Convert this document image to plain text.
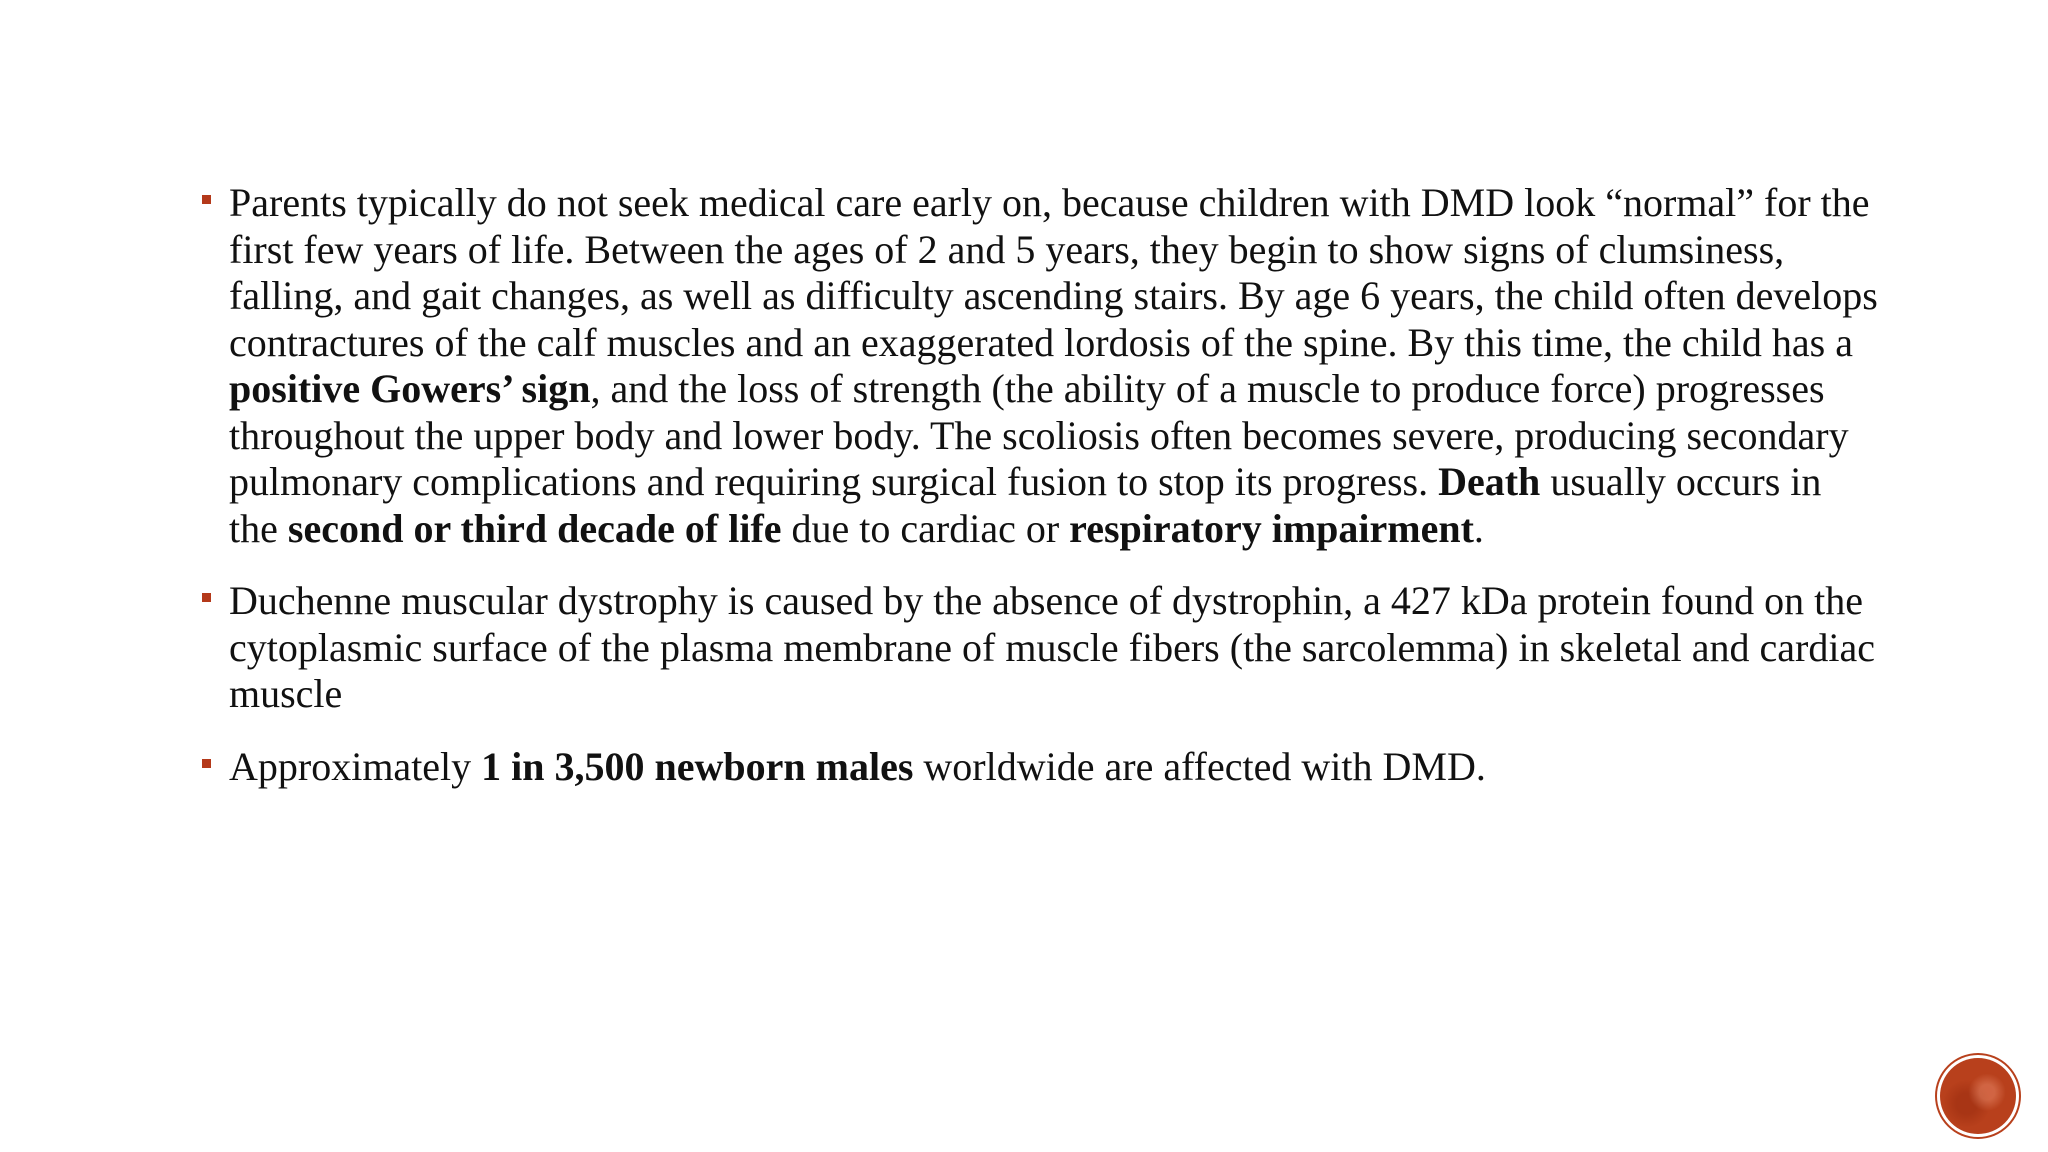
Parents typically do not seek medical care early on, because children with DMD look “normal” for the first few years of life. Between the ages of 2 and 5 years, they begin to show signs of clumsiness, falling, and gait changes, as well as difficulty ascending stairs. By age 6 years, the child often develops contractures of the calf muscles and an exaggerated lordosis of the spine. By this time, the child has a positive Gowers’ sign, and the loss of strength (the ability of a muscle to produce force) progresses throughout the upper body and lower body. The scoliosis often becomes severe, producing secondary pulmonary complications and requiring surgical fusion to stop its progress. Death usually occurs in the second or third decade of life due to cardiac or respiratory impairment.
Duchenne muscular dystrophy is caused by the absence of dystrophin, a 427 kDa protein found on the cytoplasmic surface of the plasma membrane of muscle fibers (the sarcolemma) in skeletal and cardiac muscle
Approximately 1 in 3,500 newborn males worldwide are affected with DMD.
